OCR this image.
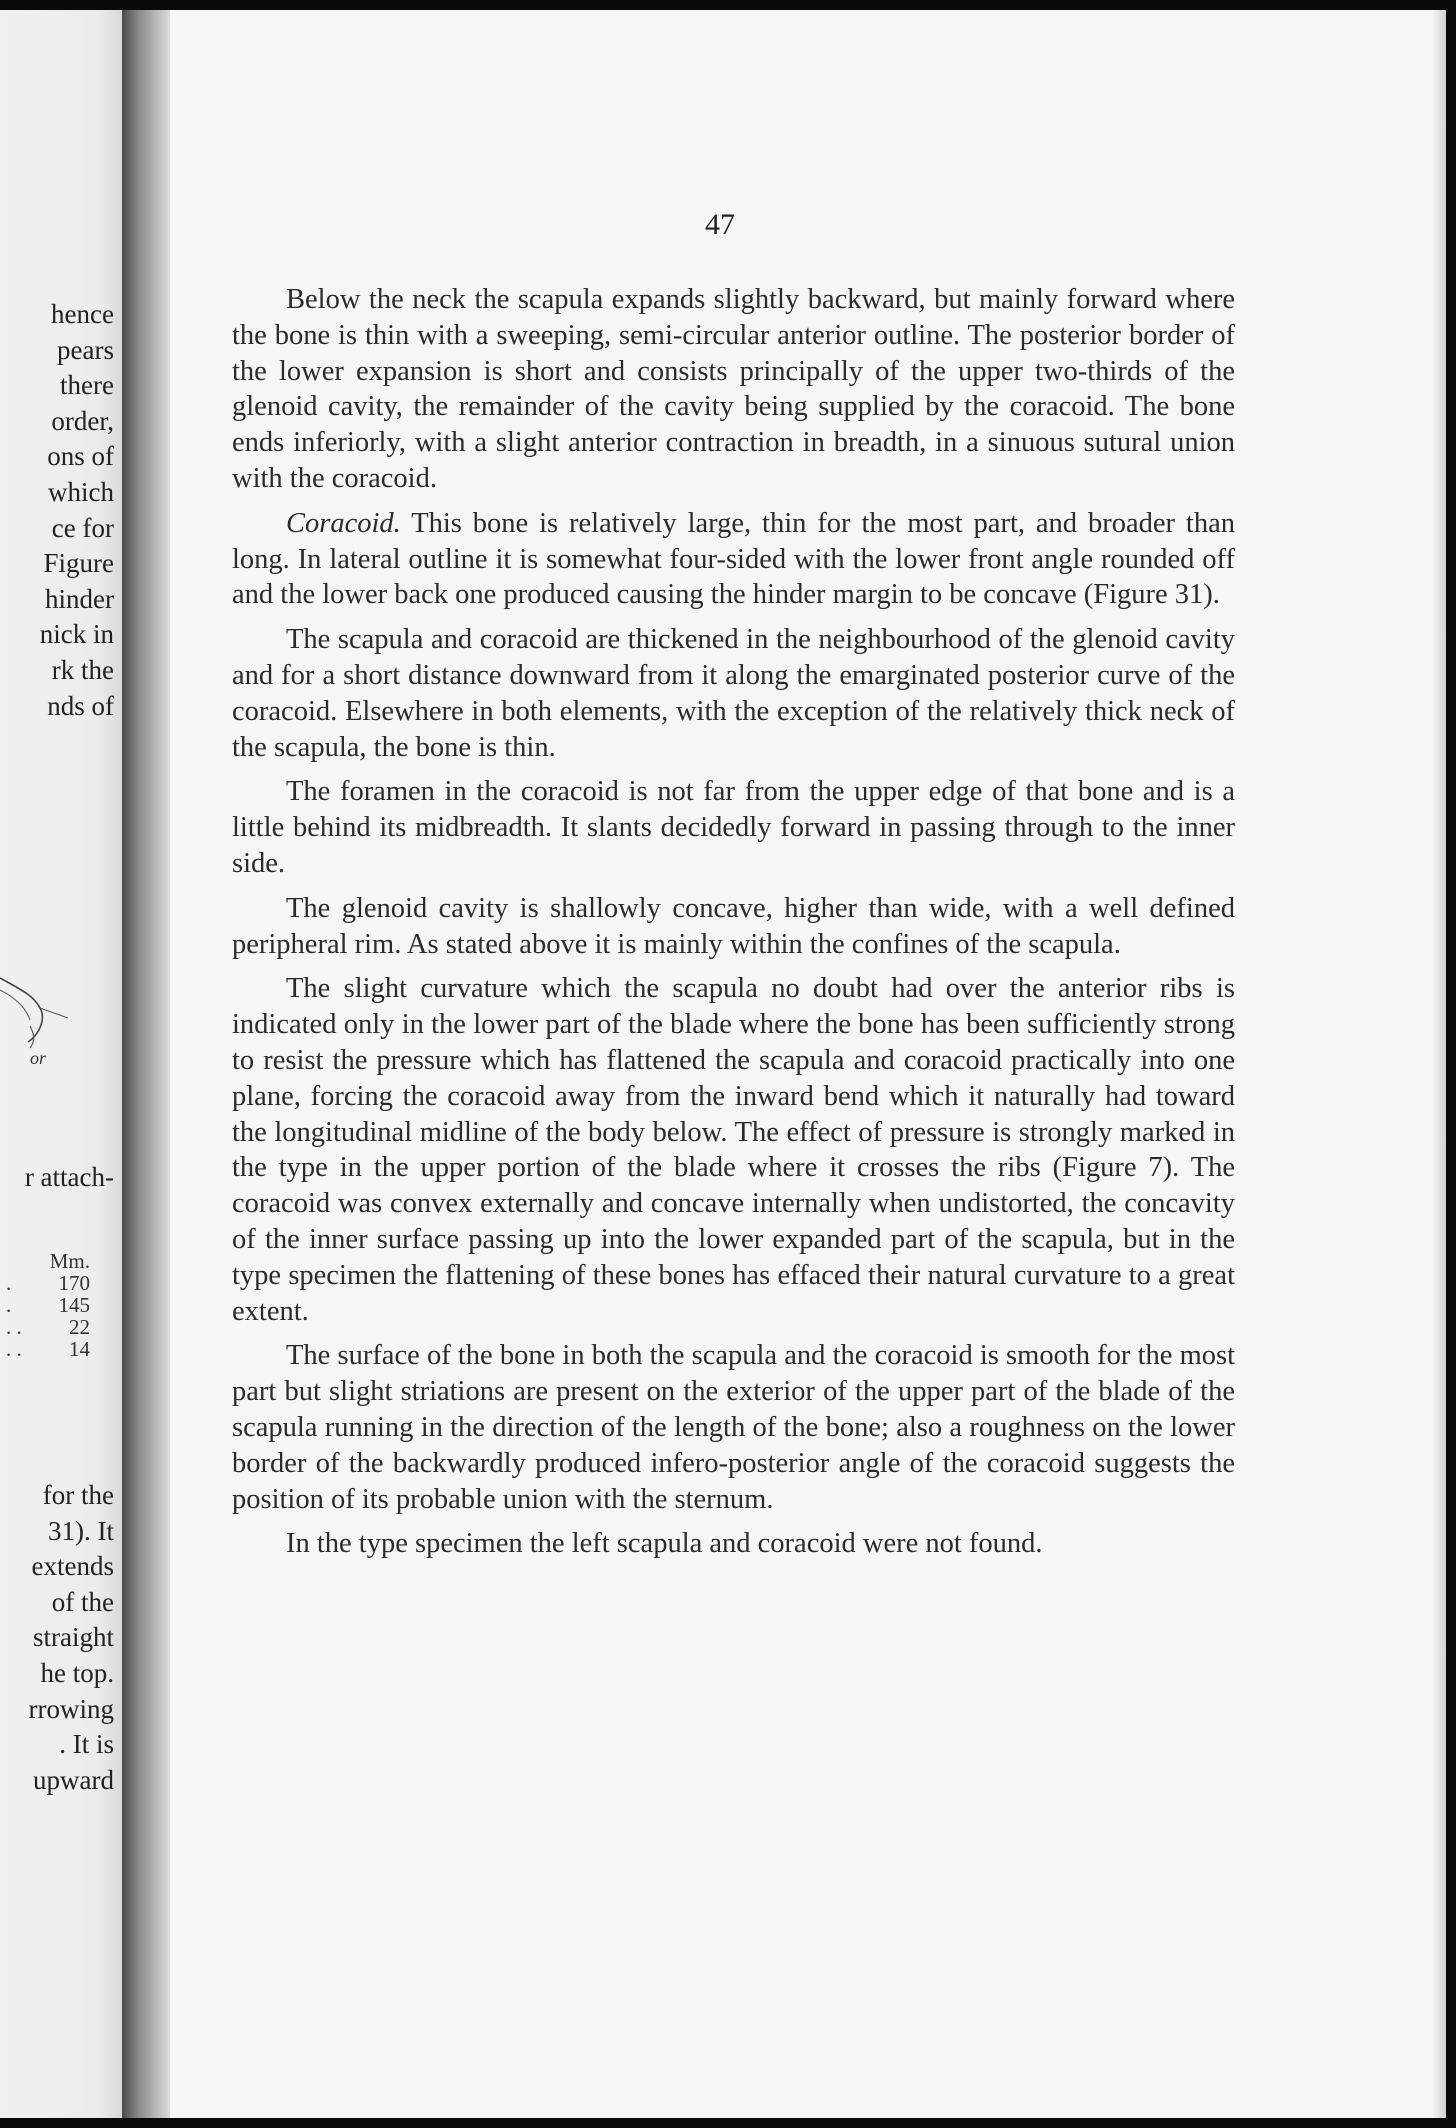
hence

pears

there

order,

ons of

which

ce for

Figure

hinder

nick in

rk the

nds of

or

r attach-

Mm.
. 170
. 145
. . 22
. . 14

for the

31). It

extends

of the

straight

he top.

rrowing

. It is

upward

47

Below the neck the scapula expands slightly backward, but mainly forward where the bone is thin with a sweeping, semi-circular anterior outline. The posterior border of the lower expansion is short and consists principally of the upper two-thirds of the glenoid cavity, the remainder of the cavity being supplied by the coracoid. The bone ends inferiorly, with a slight anterior contraction in breadth, in a sinuous sutural union with the coracoid.

Coracoid. This bone is relatively large, thin for the most part, and broader than long. In lateral outline it is somewhat four-sided with the lower front angle rounded off and the lower back one produced causing the hinder margin to be concave (Figure 31).

The scapula and coracoid are thickened in the neighbourhood of the glenoid cavity and for a short distance downward from it along the emarginated posterior curve of the coracoid. Elsewhere in both elements, with the exception of the relatively thick neck of the scapula, the bone is thin.

The foramen in the coracoid is not far from the upper edge of that bone and is a little behind its midbreadth. It slants decidedly forward in passing through to the inner side.

The glenoid cavity is shallowly concave, higher than wide, with a well defined peripheral rim. As stated above it is mainly within the confines of the scapula.

The slight curvature which the scapula no doubt had over the anterior ribs is indicated only in the lower part of the blade where the bone has been sufficiently strong to resist the pressure which has flattened the scapula and coracoid practically into one plane, forcing the coracoid away from the inward bend which it naturally had toward the longitudinal midline of the body below. The effect of pressure is strongly marked in the type in the upper portion of the blade where it crosses the ribs (Figure 7). The coracoid was convex externally and concave internally when undistorted, the concavity of the inner surface passing up into the lower expanded part of the scapula, but in the type specimen the flattening of these bones has effaced their natural curvature to a great extent.

The surface of the bone in both the scapula and the coracoid is smooth for the most part but slight striations are present on the exterior of the upper part of the blade of the scapula running in the direction of the length of the bone; also a roughness on the lower border of the backwardly produced infero-posterior angle of the coracoid suggests the position of its probable union with the sternum.

In the type specimen the left scapula and coracoid were not found.
